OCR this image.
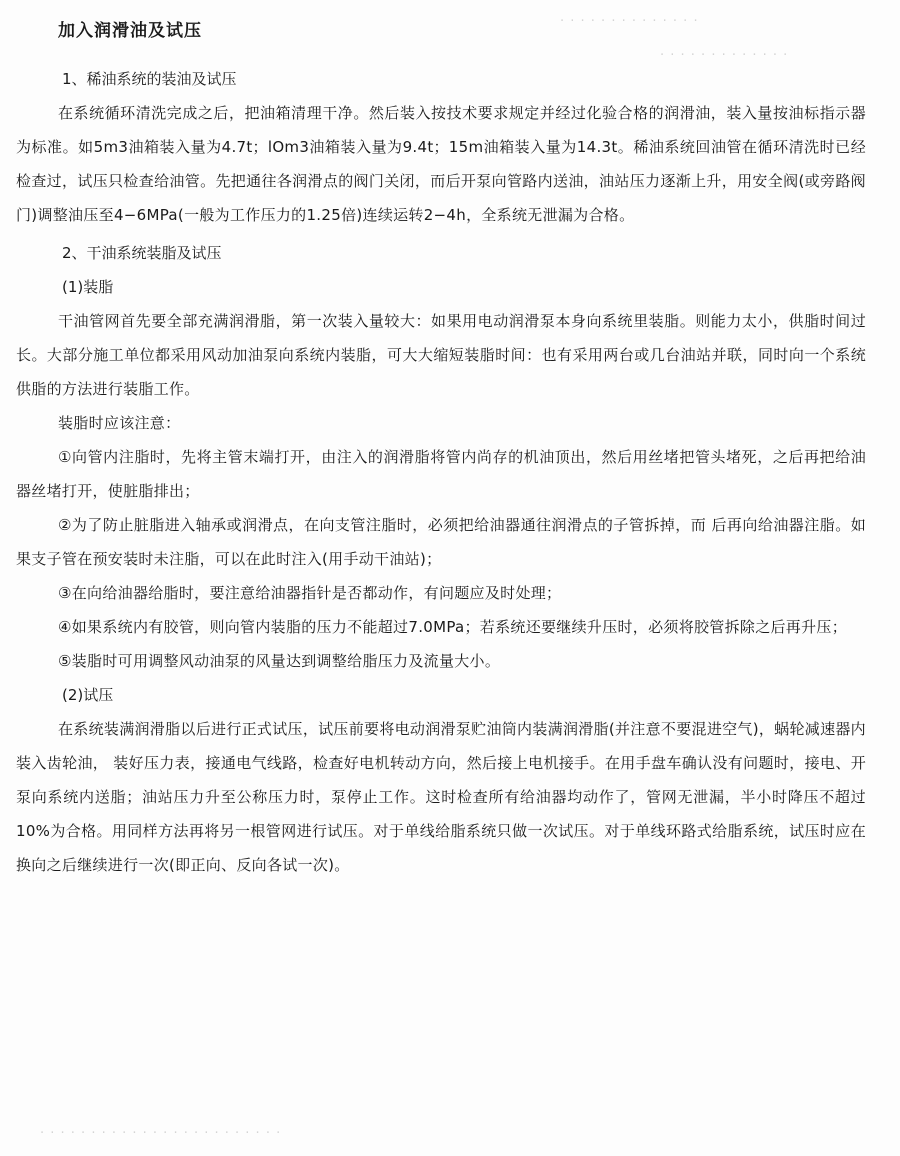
· · · · · · · · · · · · · ·
· · · · · · · · · · · · ·
· · · · · · · · · · · · · · · · · · · · · · · ·
加入润滑油及试压

1、稀油系统的装油及试压

在系统循环清洗完成之后，把油箱清理干净。然后装入按技术要求规定并经过化验合格的润滑油，装入量按油标指示器为标准。如5m3油箱装入量为4.7t；lOm3油箱装入量为9.4t；15m油箱装入量为14.3t。稀油系统回油管在循环清洗时已经检查过，试压只检查给油管。先把通往各润滑点的阀门关闭，而后开泵向管路内送油，油站压力逐渐上升，用安全阀(或旁路阀门)调整油压至4−6MPa(一般为工作压力的1.25倍)连续运转2−4h，全系统无泄漏为合格。

2、干油系统装脂及试压

(1)装脂

干油管网首先要全部充满润滑脂，第一次装入量较大：如果用电动润滑泵本身向系统里装脂。则能力太小，供脂时间过长。大部分施工单位都采用风动加油泵向系统内装脂，可大大缩短装脂时间：也有采用两台或几台油站并联，同时向一个系统供脂的方法进行装脂工作。

装脂时应该注意：

①向管内注脂时，先将主管末端打开，由注入的润滑脂将管内尚存的机油顶出，然后用丝堵把管头堵死，之后再把给油器丝堵打开，使脏脂排出；

②为了防止脏脂进入轴承或润滑点，在向支管注脂时，必须把给油器通往润滑点的子管拆掉，而 后再向给油器注脂。如果支子管在预安装时未注脂，可以在此时注入(用手动干油站)；

③在向给油器给脂时，要注意给油器指针是否都动作，有问题应及时处理；

④如果系统内有胶管，则向管内装脂的压力不能超过7.0MPa；若系统还要继续升压时，必须将胶管拆除之后再升压；

⑤装脂时可用调整风动油泵的风量达到调整给脂压力及流量大小。

(2)试压

在系统装满润滑脂以后进行正式试压，试压前要将电动润滑泵贮油筒内装满润滑脂(并注意不要混进空气)，蜗轮减速器内装入齿轮油， 装好压力表，接通电气线路，检查好电机转动方向，然后接上电机接手。在用手盘车确认没有问题时，接电、开泵向系统内送脂；油站压力升至公称压力时，泵停止工作。这时检查所有给油器均动作了，管网无泄漏，半小时降压不超过10%为合格。用同样方法再将另一根管网进行试压。对于单线给脂系统只做一次试压。对于单线环路式给脂系统，试压时应在换向之后继续进行一次(即正向、反向各试一次)。
